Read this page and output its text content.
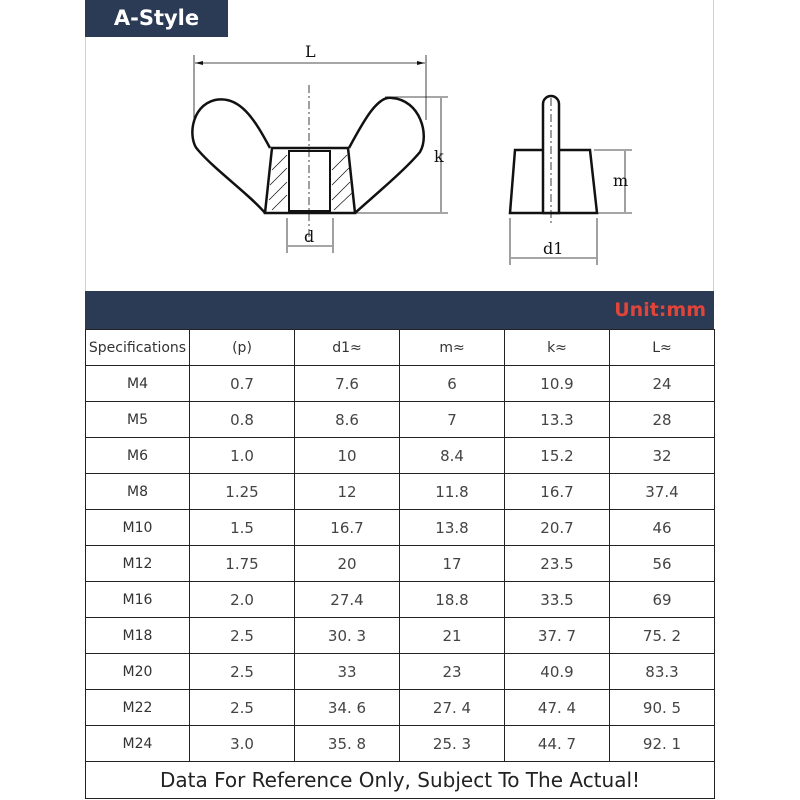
A-Style
L
k
d
m
d1
Unit:mm
Specifications	(p)	d1≈	m≈	k≈	L≈
M4	0.7	7.6	6	10.9	24
M5	0.8	8.6	7	13.3	28
M6	1.0	10	8.4	15.2	32
M8	1.25	12	11.8	16.7	37.4
M10	1.5	16.7	13.8	20.7	46
M12	1.75	20	17	23.5	56
M16	2.0	27.4	18.8	33.5	69
M18	2.5	30. 3	21	37. 7	75. 2
M20	2.5	33	23	40.9	83.3
M22	2.5	34. 6	27. 4	47. 4	90. 5
M24	3.0	35. 8	25. 3	44. 7	92. 1
Data For Reference Only, Subject To The Actual!					
